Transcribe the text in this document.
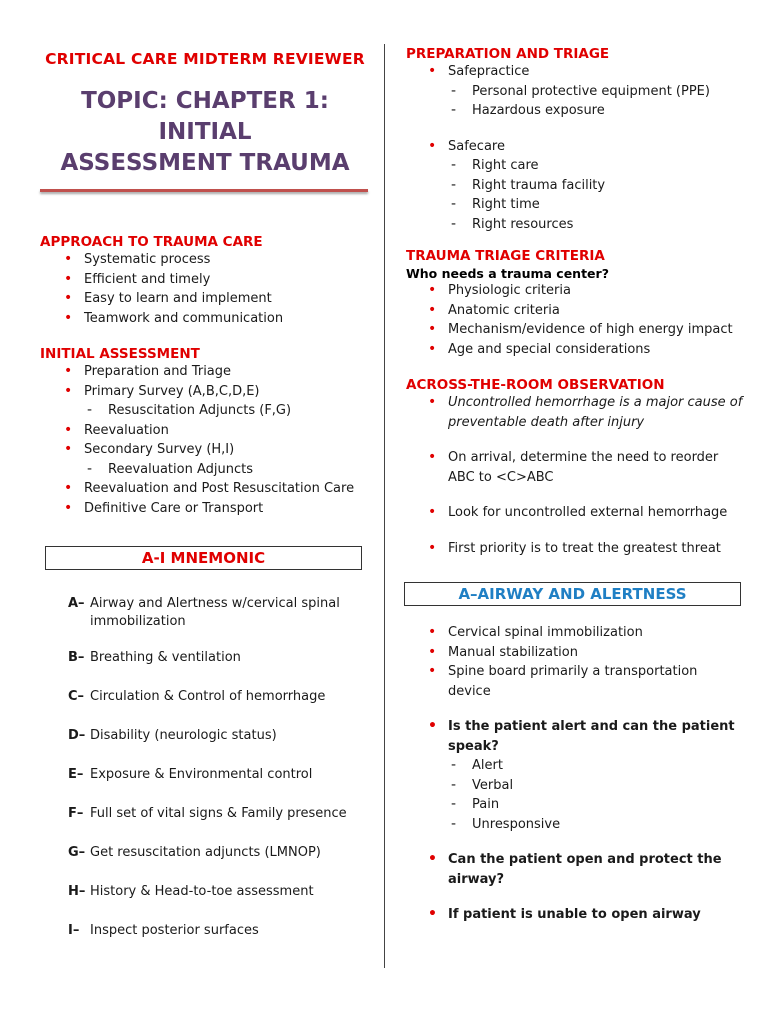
CRITICAL CARE MIDTERM REVIEWER
TOPIC: CHAPTER 1: INITIAL
ASSESSMENT TRAUMA
APPROACH TO TRAUMA CARE
• Systematic process
• Efficient and timely
• Easy to learn and implement
• Teamwork and communication
INITIAL ASSESSMENT
• Preparation and Triage
• Primary Survey (A,B,C,D,E)
- Resuscitation Adjuncts (F,G)
• Reevaluation
• Secondary Survey (H,I)
- Reevaluation Adjuncts
• Reevaluation and Post Resuscitation Care
• Definitive Care or Transport
A-I MNEMONIC
A– Airway and Alertness w/cervical spinal immobilization
B– Breathing & ventilation
C– Circulation & Control of hemorrhage
D– Disability (neurologic status)
E– Exposure & Environmental control
F– Full set of vital signs & Family presence
G– Get resuscitation adjuncts (LMNOP)
H– History & Head-to-toe assessment
I– Inspect posterior surfaces
PREPARATION AND TRIAGE
• Safepractice
- Personal protective equipment (PPE)
- Hazardous exposure
• Safecare
- Right care
- Right trauma facility
- Right time
- Right resources
TRAUMA TRIAGE CRITERIA
Who needs a trauma center?
• Physiologic criteria
• Anatomic criteria
• Mechanism/evidence of high energy impact
• Age and special considerations
ACROSS-THE-ROOM OBSERVATION
• Uncontrolled hemorrhage is a major cause of preventable death after injury
• On arrival, determine the need to reorder ABC to <C>ABC
• Look for uncontrolled external hemorrhage
• First priority is to treat the greatest threat
A–AIRWAY AND ALERTNESS
• Cervical spinal immobilization
• Manual stabilization
• Spine board primarily a transportation device
• Is the patient alert and can the patient speak?
- Alert
- Verbal
- Pain
- Unresponsive
• Can the patient open and protect the airway?
• If patient is unable to open airway
